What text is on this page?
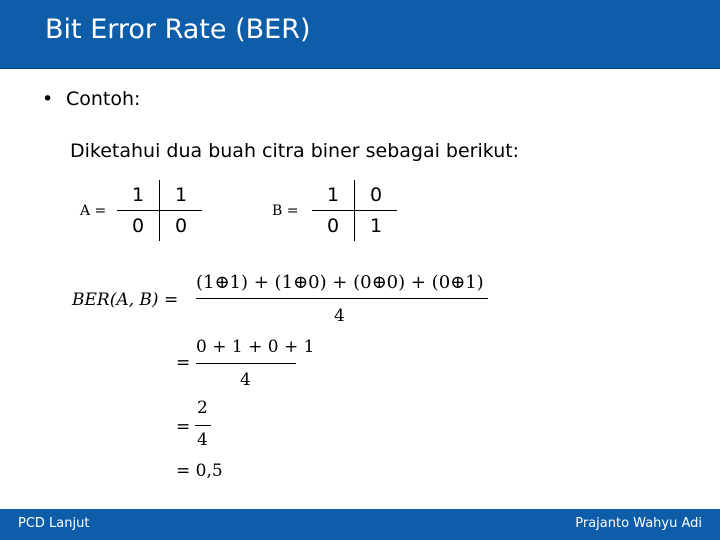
Bit Error Rate (BER)
• Contoh:
Diketahui dua buah citra biner sebagai berikut:
A =
1	1
0	0
B =
1	0
0	1
BER(A, B) =
(1⊕1) + (1⊕0) + (0⊕0) + (0⊕1)
4
=
0 + 1 + 0 + 1
4
=
2
4
= 0,5
PCD Lanjut	Prajanto Wahyu Adi
